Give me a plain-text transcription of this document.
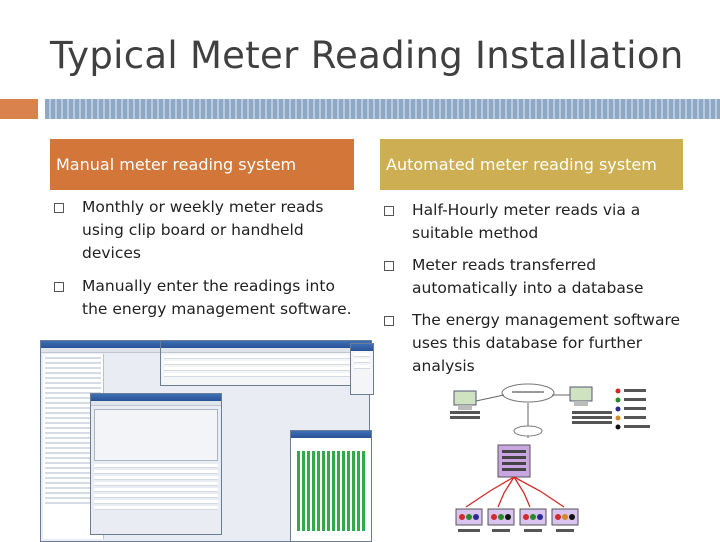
Typical Meter Reading Installation
Manual meter reading system	Automated meter reading system
Monthly or weekly meter reads using clip board or handheld devices
Manually enter the readings into the energy management software.
Half-Hourly meter reads via a suitable method
Meter reads transferred automatically into a database
The energy management software uses this database for further analysis
